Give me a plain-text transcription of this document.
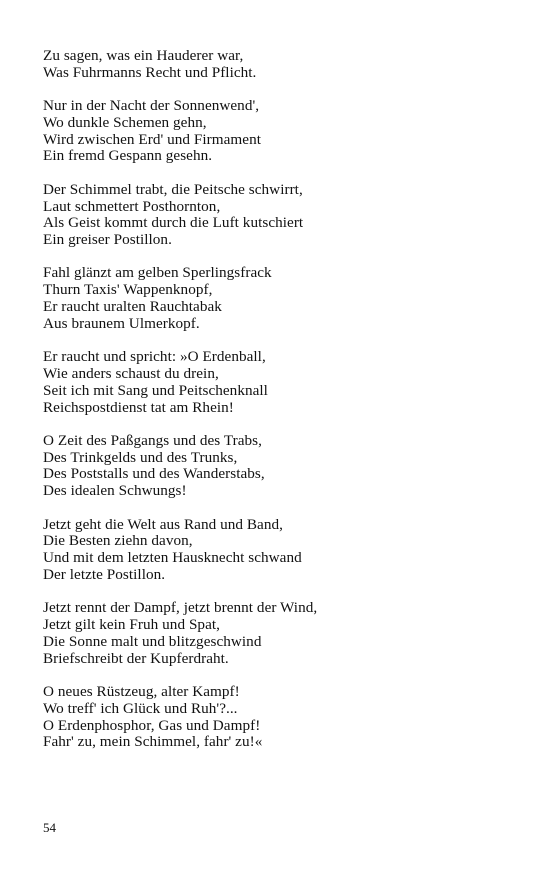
Zu sagen, was ein Hauderer war,
Was Fuhrmanns Recht und Pflicht.
Nur in der Nacht der Sonnenwend',
Wo dunkle Schemen gehn,
Wird zwischen Erd' und Firmament
Ein fremd Gespann gesehn.
Der Schimmel trabt, die Peitsche schwirrt,
Laut schmettert Posthornton,
Als Geist kommt durch die Luft kutschiert
Ein greiser Postillon.
Fahl glänzt am gelben Sperlingsfrack
Thurn Taxis' Wappenknopf,
Er raucht uralten Rauchtabak
Aus braunem Ulmerkopf.
Er raucht und spricht: »O Erdenball,
Wie anders schaust du drein,
Seit ich mit Sang und Peitschenknall
Reichspostdienst tat am Rhein!
O Zeit des Paßgangs und des Trabs,
Des Trinkgelds und des Trunks,
Des Poststalls und des Wanderstabs,
Des idealen Schwungs!
Jetzt geht die Welt aus Rand und Band,
Die Besten ziehn davon,
Und mit dem letzten Hausknecht schwand
Der letzte Postillon.
Jetzt rennt der Dampf, jetzt brennt der Wind,
Jetzt gilt kein Fruh und Spat,
Die Sonne malt und blitzgeschwind
Briefschreibt der Kupferdraht.
O neues Rüstzeug, alter Kampf!
Wo treff' ich Glück und Ruh'?...
O Erdenphosphor, Gas und Dampf!
Fahr' zu, mein Schimmel, fahr' zu!«
54
